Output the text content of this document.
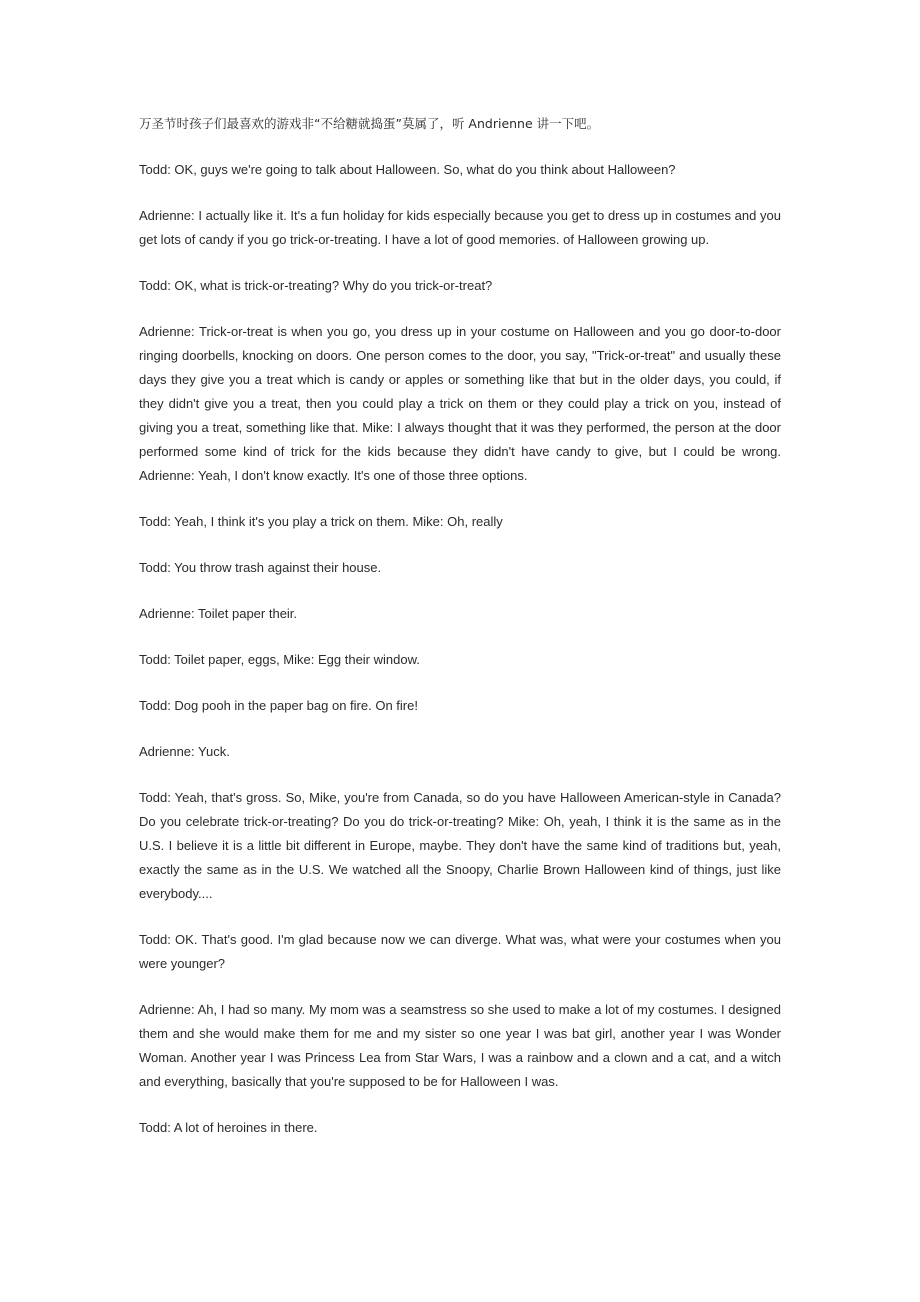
万圣节时孩子们最喜欢的游戏非“不给糖就捣蛋”莫属了，听 Andrienne 讲一下吧。

Todd: OK, guys we're going to talk about Halloween. So, what do you think about Halloween?

Adrienne: I actually like it. It's a fun holiday for kids especially because you get to dress up in costumes and you get lots of candy if you go trick-or-treating. I have a lot of good memories. of Halloween growing up.

Todd: OK, what is trick-or-treating? Why do you trick-or-treat?

Adrienne: Trick-or-treat is when you go, you dress up in your costume on Halloween and you go door-to-door ringing doorbells, knocking on doors. One person comes to the door, you say, "Trick-or-treat" and usually these days they give you a treat which is candy or apples or something like that but in the older days, you could, if they didn't give you a treat, then you could play a trick on them or they could play a trick on you, instead of giving you a treat, something like that. Mike: I always thought that it was they performed, the person at the door performed some kind of trick for the kids because they didn't have candy to give, but I could be wrong. Adrienne: Yeah, I don't know exactly. It's one of those three options.

Todd: Yeah, I think it's you play a trick on them. Mike: Oh, really

Todd: You throw trash against their house.

Adrienne: Toilet paper their.

Todd: Toilet paper, eggs, Mike: Egg their window.

Todd: Dog pooh in the paper bag on fire. On fire!

Adrienne: Yuck.

Todd: Yeah, that's gross. So, Mike, you're from Canada, so do you have Halloween American-style in Canada? Do you celebrate trick-or-treating? Do you do trick-or-treating? Mike: Oh, yeah, I think it is the same as in the U.S. I believe it is a little bit different in Europe, maybe. They don't have the same kind of traditions but, yeah, exactly the same as in the U.S. We watched all the Snoopy, Charlie Brown Halloween kind of things, just like everybody....

Todd: OK. That's good. I'm glad because now we can diverge. What was, what were your costumes when you were younger?

Adrienne: Ah, I had so many. My mom was a seamstress so she used to make a lot of my costumes. I designed them and she would make them for me and my sister so one year I was bat girl, another year I was Wonder Woman. Another year I was Princess Lea from Star Wars, I was a rainbow and a clown and a cat, and a witch and everything, basically that you're supposed to be for Halloween I was.

Todd: A lot of heroines in there.
